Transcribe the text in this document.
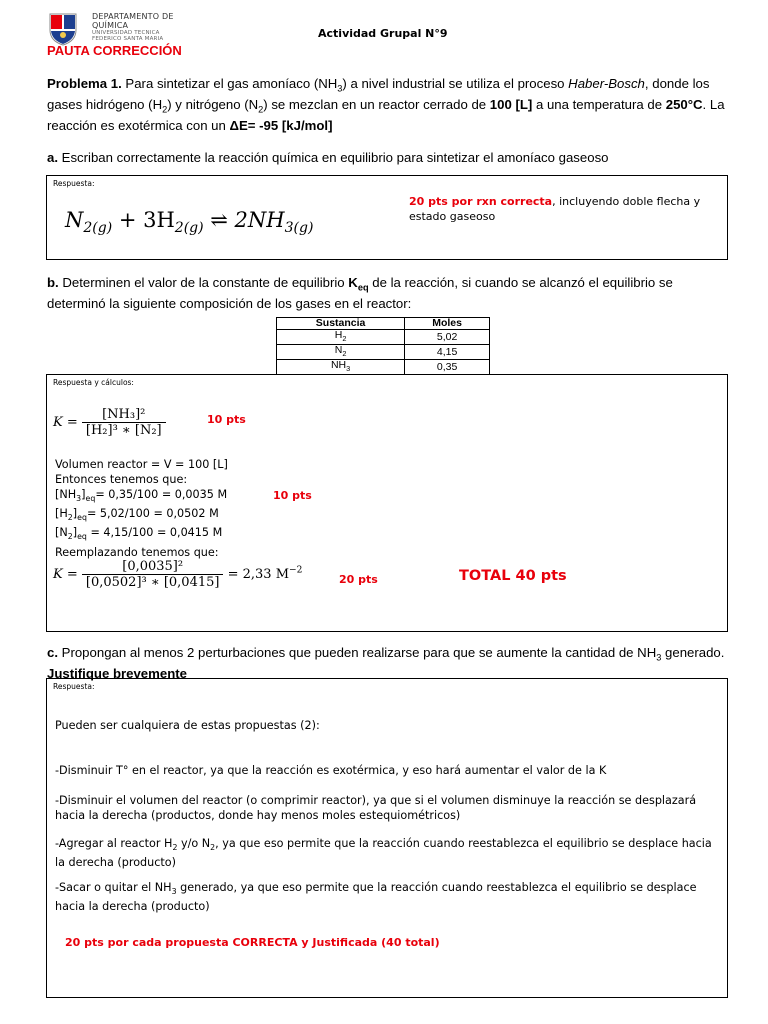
DEPARTAMENTO DE
QUÍMICA
UNIVERSIDAD TECNICA
FEDERICO SANTA MARIA	Actividad Grupal N°9
PAUTA CORRECCIÓN
Problema 1. Para sintetizar el gas amoníaco $(NH_3)$ a nivel industrial se utiliza el proceso Haber-Bosch, donde los gases hidrógeno $(H_2)$ y nitrógeno $(N_2)$ se mezclan en un reactor cerrado de 100 [L] a una temperatura de 250°C. La reacción es exotérmica con un ΔE= -95 [kJ/mol]
a. Escriban correctamente la reacción química en equilibrio para sintetizar el amoníaco gaseoso
Respuesta:
$N_{2(g)} + 3H_{2(g)}$ ⇌ $2NH_{3(g)}$
20 pts por rxn correcta, incluyendo doble flecha y estado gaseoso
b. Determinen el valor de la constante de equilibrio $K_{eq}$ de la reacción, si cuando se alcanzó el equilibrio se determinó la siguiente composición de los gases en el reactor:
Sustancia	Moles
$H_2$	5,02
$N_2$	4,15
$NH_3$	0,35
Respuesta y cálculos:
$K = \frac{\text{[NH₃]²}}{\text{[H₂]³ ∗ [N₂]}}$	10 pts
Volumen reactor = V = 100 [L]
Entonces tenemos que:
$[NH_3]_{eq}= 0,35/100 = 0,0035$ M
$[H_2]_{eq}= 5,02/100 = 0,0502$ M
$[N_2]_{eq} = 4,15/100 = 0,0415$ M
10 pts
Reemplazando tenemos que:
$K = \frac{\text{[0,0035]²}}{\text{[0,0502]³ ∗ [0,0415]}} = 2,33$ $M^{-2}$
20 pts	TOTAL 40 pts
c. Propongan al menos 2 perturbaciones que pueden realizarse para que se aumente la cantidad de $NH_3$ generado. Justifique brevemente
Respuesta:
Pueden ser cualquiera de estas propuestas (2):
-Disminuir T° en el reactor, ya que la reacción es exotérmica, y eso hará aumentar el valor de la K
-Disminuir el volumen del reactor (o comprimir reactor), ya que si el volumen disminuye la reacción se desplazará hacia la derecha (productos, donde hay menos moles estequiométricos)
-Agregar al reactor $H_2$ y/o $N_2$, ya que eso permite que la reacción cuando reestablezca el equilibrio se desplace hacia la derecha (producto)
-Sacar o quitar el $NH_3$ generado, ya que eso permite que la reacción cuando reestablezca el equilibrio se desplace hacia la derecha (producto)
20 pts por cada propuesta CORRECTA y Justificada (40 total)
